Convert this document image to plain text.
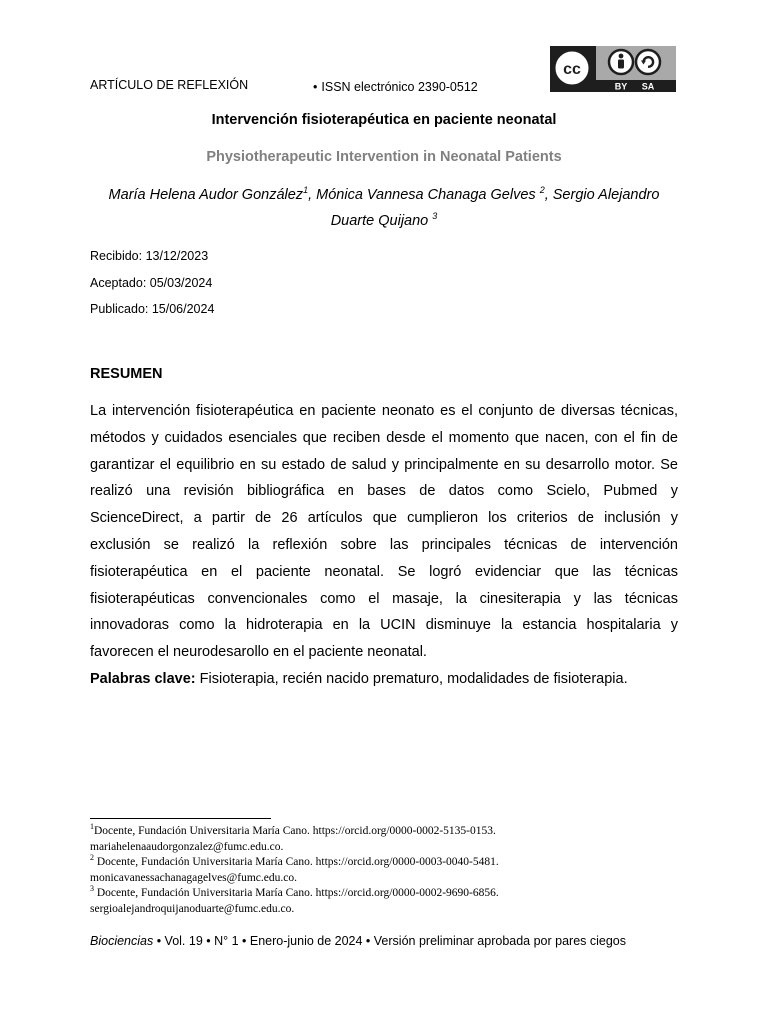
ARTÍCULO DE REFLEXIÓN	• ISSN electrónico 2390-0512
cc
BY SA
Intervención fisioterapéutica en paciente neonatal
Physiotherapeutic Intervention in Neonatal Patients
María Helena Audor González$^1$, Mónica Vannesa Chanaga Gelves $^2$, Sergio Alejandro
Duarte Quijano $^3$
Recibido: 13/12/2023
Aceptado: 05/03/2024
Publicado: 15/06/2024
RESUMEN
La intervención fisioterapéutica en paciente neonato es el conjunto de diversas técnicas,
métodos y cuidados esenciales que reciben desde el momento que nacen, con el fin de
garantizar el equilibrio en su estado de salud y principalmente en su desarrollo motor. Se
realizó una revisión bibliográfica en bases de datos como Scielo, Pubmed y
ScienceDirect, a partir de 26 artículos que cumplieron los criterios de inclusión y
exclusión se realizó la reflexión sobre las principales técnicas de intervención
fisioterapéutica en el paciente neonatal. Se logró evidenciar que las técnicas
fisioterapéuticas convencionales como el masaje, la cinesiterapia y las técnicas
innovadoras como la hidroterapia en la UCIN disminuye la estancia hospitalaria y
favorecen el neurodesarollo en el paciente neonatal.
Palabras clave: Fisioterapia, recién nacido prematuro, modalidades de fisioterapia.
$^1$Docente, Fundación Universitaria María Cano. https://orcid.org/0000-0002-5135-0153.
mariahelenaaudorgonzalez@fumc.edu.co.
$^2$ Docente, Fundación Universitaria María Cano. https://orcid.org/0000-0003-0040-5481.
monicavanessachanagagelves@fumc.edu.co.
$^3$ Docente, Fundación Universitaria María Cano. https://orcid.org/0000-0002-9690-6856.
sergioalejandroquijanoduarte@fumc.edu.co.
Biociencias • Vol. 19 • N° 1 • Enero-junio de 2024 • Versión preliminar aprobada por pares ciegos
